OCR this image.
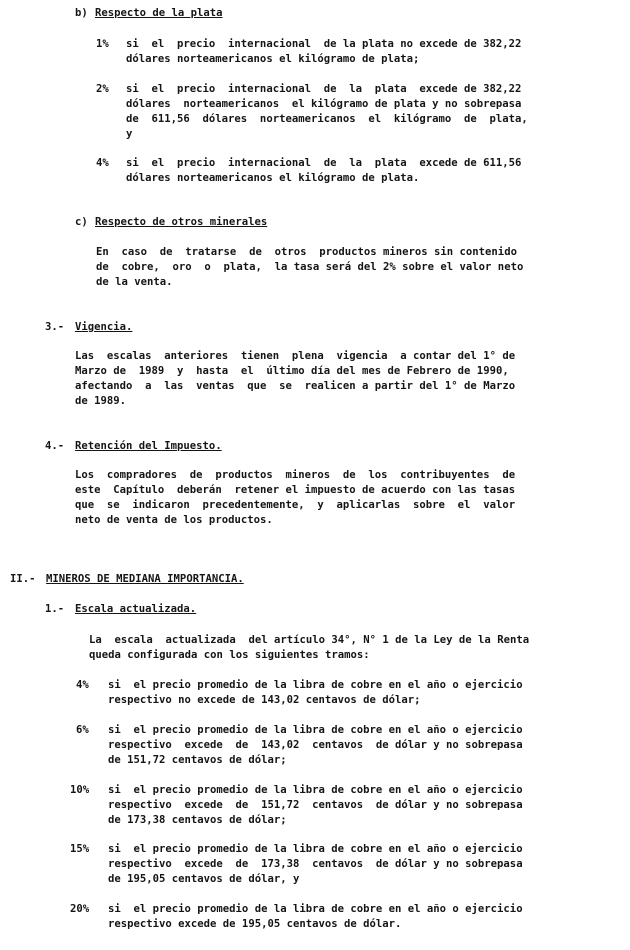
b) Respecto de la plata
1% si  el  precio  internacional  de la plata no excede de 382,22
dólares norteamericanos el kilógramo de plata;
2% si  el  precio  internacional  de  la  plata  excede de 382,22
dólares  norteamericanos  el kilógramo de plata y no sobrepasa
de  611,56  dólares  norteamericanos  el  kilógramo  de  plata,
y
4% si  el  precio  internacional  de  la  plata  excede de 611,56
dólares norteamericanos el kilógramo de plata.
c) Respecto de otros minerales
En  caso  de  tratarse  de  otros  productos mineros sin contenido
de  cobre,  oro  o  plata,  la tasa será del 2% sobre el valor neto
de la venta.
3.- Vigencia.
Las  escalas  anteriores  tienen  plena  vigencia  a contar del 1° de
Marzo de  1989  y  hasta  el  último día del mes de Febrero de 1990,
afectando  a  las  ventas  que  se  realicen a partir del 1° de Marzo
de 1989.
4.- Retención del Impuesto.
Los  compradores  de  productos  mineros  de  los  contribuyentes  de
este  Capítulo  deberán  retener el impuesto de acuerdo con las tasas
que  se  indicaron  precedentemente,  y  aplicarlas  sobre  el  valor
neto de venta de los productos.
II.- MINEROS DE MEDIANA IMPORTANCIA.
1.- Escala actualizada.
La  escala  actualizada  del artículo 34°, N° 1 de la Ley de la Renta
queda configurada con los siguientes tramos:
4% si  el precio promedio de la libra de cobre en el año o ejercicio
respectivo no excede de 143,02 centavos de dólar;
6% si  el precio promedio de la libra de cobre en el año o ejercicio
respectivo  excede  de  143,02  centavos  de dólar y no sobrepasa
de 151,72 centavos de dólar;
10% si  el precio promedio de la libra de cobre en el año o ejercicio
respectivo  excede  de  151,72  centavos  de dólar y no sobrepasa
de 173,38 centavos de dólar;
15% si  el precio promedio de la libra de cobre en el año o ejercicio
respectivo  excede  de  173,38  centavos  de dólar y no sobrepasa
de 195,05 centavos de dólar, y
20% si  el precio promedio de la libra de cobre en el año o ejercicio
respectivo excede de 195,05 centavos de dólar.
